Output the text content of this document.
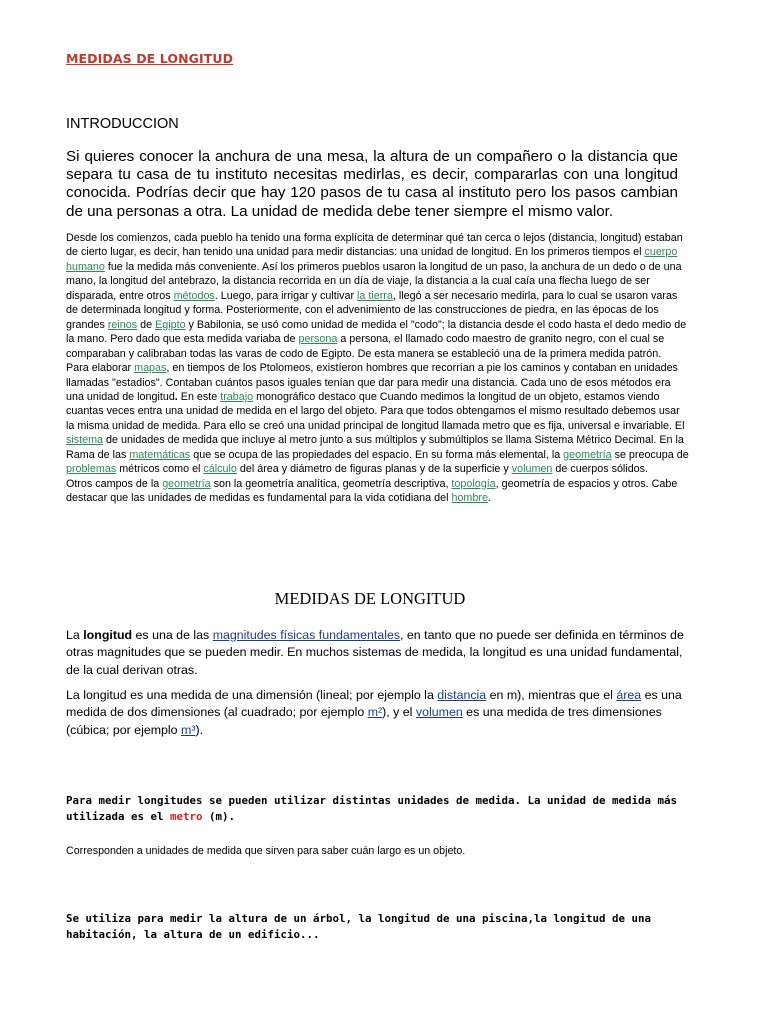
MEDIDAS DE LONGITUD
INTRODUCCION

Si quieres conocer la anchura de una mesa, la altura de un compañero o la distancia que separa tu casa de tu instituto necesitas medirlas, es decir, compararlas con una longitud conocida. Podrías decir que hay 120 pasos de tu casa al instituto pero los pasos cambian de una personas a otra. La unidad de medida debe tener siempre el mismo valor.

Desde los comienzos, cada pueblo ha tenido una forma explícita de determinar qué tan cerca o lejos (distancia, longitud) estaban de cierto lugar, es decir, han tenido una unidad para medir distancias: una unidad de longitud. En los primeros tiempos el cuerpo humano fue la medida más conveniente. Así los primeros pueblos usaron la longitud de un paso, la anchura de un dedo o de una mano, la longitud del antebrazo, la distancia recorrida en un día de viaje, la distancia a la cual caía una flecha luego de ser disparada, entre otros métodos. Luego, para irrigar y cultivar la tierra, llegó a ser necesario medirla, para lo cual se usaron varas de determinada longitud y forma. Posteriormente, con el advenimiento de las construcciones de piedra, en las épocas de los grandes reinos de Egipto y Babilonia, se usó como unidad de medida el "codo"; la distancia desde el codo hasta el dedo medio de la mano. Pero dado que esta medida variaba de persona a persona, el llamado codo maestro de granito negro, con el cual se comparaban y calibraban todas las varas de codo de Egipto. De esta manera se estableció una de la primera medida patrón.

Para elaborar mapas, en tiempos de los Ptolomeos, existíeron hombres que recorrían a pie los caminos y contaban en unidades llamadas "estadios". Contaban cuántos pasos iguales tenían que dar para medir una distancia. Cada uno de esos métodos era una unidad de longitud. En este trabajo monográfico destaco que Cuando medimos la longitud de un objeto, estamos viendo cuantas veces entra una unidad de medida en el largo del objeto. Para que todos obtengamos el mismo resultado debemos usar la misma unidad de medida. Para ello se creó una unidad principal de longitud llamada metro que es fija, universal e invariable. El sistema de unidades de medida que incluye al metro junto a sus múltiplos y submúltiplos se llama Sistema Métrico Decimal. En la Rama de las matemáticas que se ocupa de las propiedades del espacio. En su forma más elemental, la geometría se preocupa de problemas métricos como el cálculo del área y diámetro de figuras planas y de la superficie y volumen de cuerpos sólidos.

Otros campos de la geometría son la geometría analítica, geometría descriptiva, topología, geometría de espacios y otros. Cabe destacar que las unidades de medidas es fundamental para la vida cotidiana del hombre.

MEDIDAS DE LONGITUD

La longitud es una de las magnitudes físicas fundamentales, en tanto que no puede ser definida en términos de otras magnitudes que se pueden medir. En muchos sistemas de medida, la longitud es una unidad fundamental, de la cual derivan otras.

La longitud es una medida de una dimensión (lineal; por ejemplo la distancia en m), mientras que el área es una medida de dos dimensiones (al cuadrado; por ejemplo m²), y el volumen es una medida de tres dimensiones (cúbica; por ejemplo m³).

Para medir longitudes se pueden utilizar distintas unidades de medida. La unidad de medida más utilizada es el metro (m).

Corresponden a unidades de medida que sirven para saber cuán largo es un objeto.

Se utiliza para medir la altura de un árbol, la longitud de una piscina,la longitud de una habitación, la altura de un edificio...
